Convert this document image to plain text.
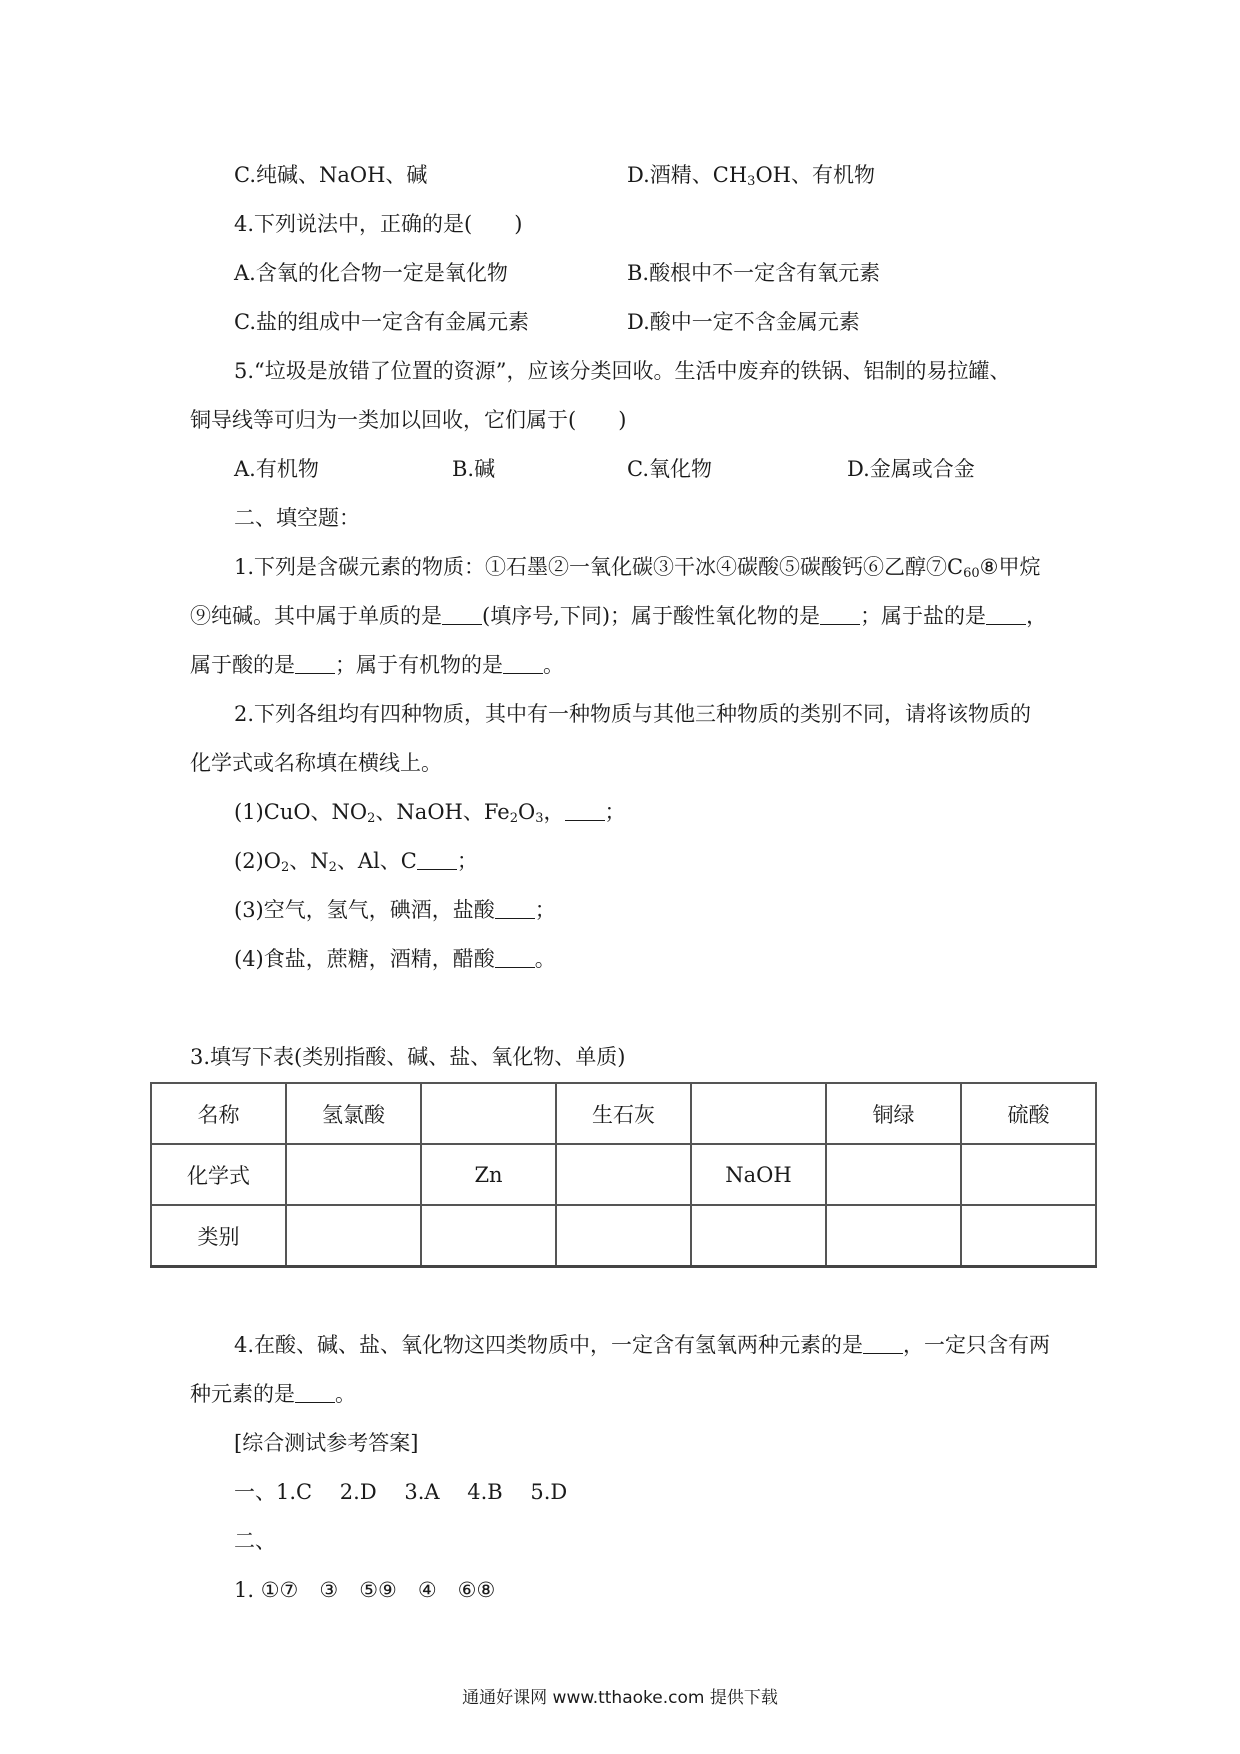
C.纯碱、NaOH、碱	D.酒精、$CH_3OH$、有机物
4.下列说法中，正确的是(　　)
A.含氧的化合物一定是氧化物	B.酸根中不一定含有氧元素
C.盐的组成中一定含有金属元素	D.酸中一定不含金属元素
5.“垃圾是放错了位置的资源”，应该分类回收。生活中废弃的铁锅、铝制的易拉罐、
铜导线等可归为一类加以回收，它们属于(　　)
A.有机物	B.碱	C.氧化物	D.金属或合金
二、填空题：
1.下列是含碳元素的物质：①石墨②一氧化碳③干冰④碳酸⑤碳酸钙⑥乙醇$⑦C_{60}⑧$甲烷
⑨纯碱。其中属于单质的是 (填序号,下同)；属于酸性氧化物的是 ；属于盐的是 ，
属于酸的是 ；属于有机物的是 。
2.下列各组均有四种物质，其中有一种物质与其他三种物质的类别不同，请将该物质的
化学式或名称填在横线上。
(1)CuO、$NO_2$、NaOH、$Fe_2O_3$， ；
$(2)O_2$、$N_2$、Al、C ；
(3)空气，氢气，碘酒，盐酸 ；
(4)食盐，蔗糖，酒精，醋酸 。
3.填写下表(类别指酸、碱、盐、氧化物、单质)
名称	氢氯酸		生石灰		铜绿	硫酸
化学式		Zn		NaOH		
类别						
4.在酸、碱、盐、氧化物这四类物质中，一定含有氢氧两种元素的是 ，一定只含有两
种元素的是 。
[综合测试参考答案]
一、1.C　 2.D　 3.A　 4.B　 5.D
二、
1. ①⑦　③　⑤⑨　④　⑥⑧
通通好课网 www.tthaoke.com 提供下载
